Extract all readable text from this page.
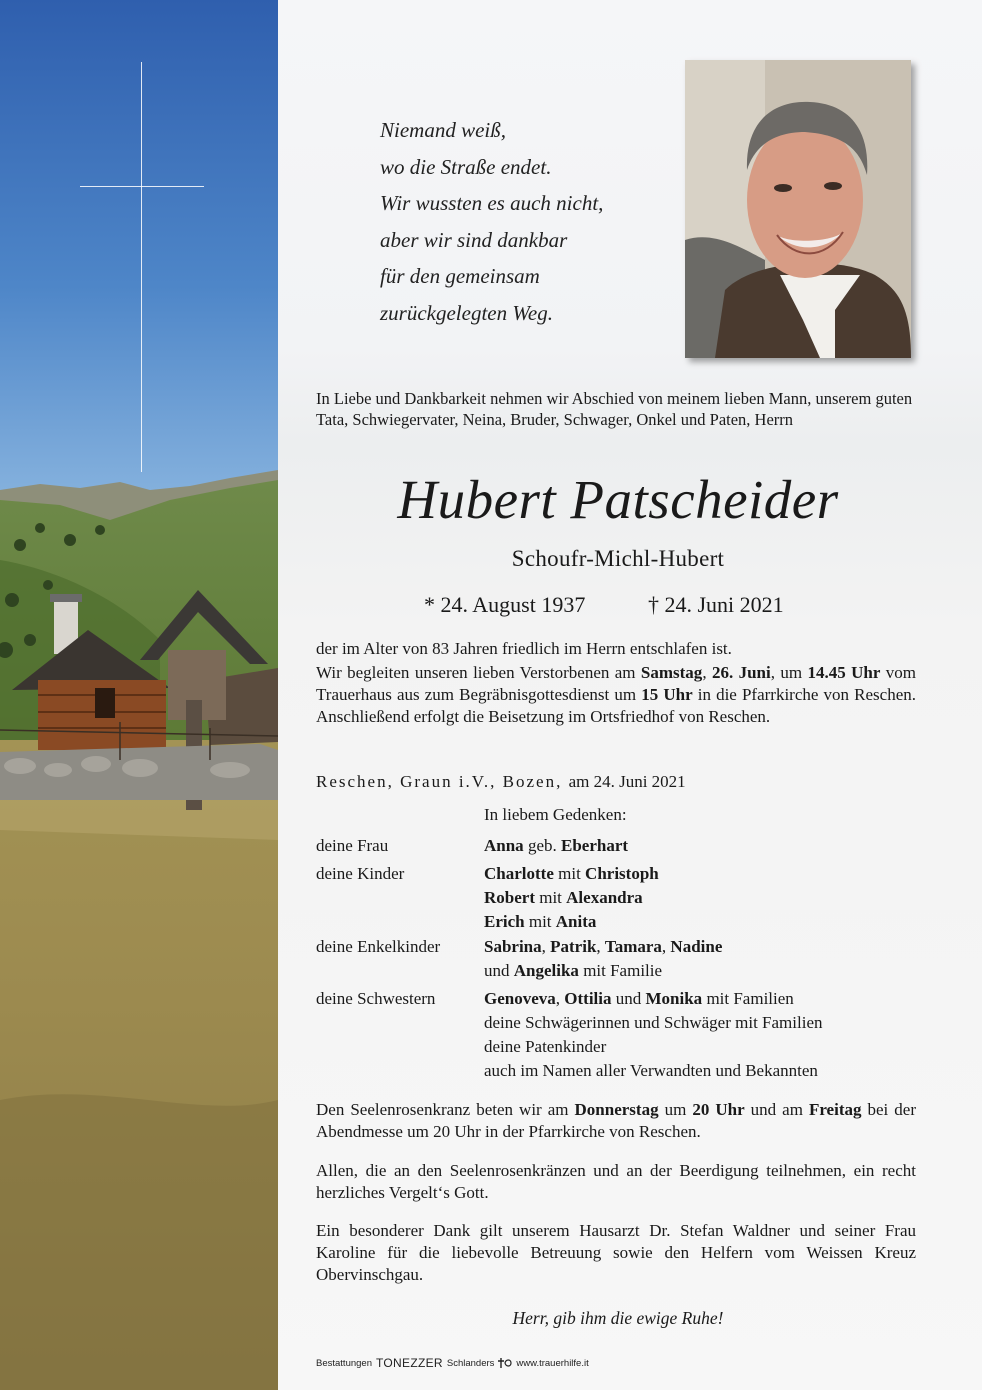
Niemand weiß,
wo die Straße endet.
Wir wussten es auch nicht,
aber wir sind dankbar
für den gemeinsam
zurückgelegten Weg.
In Liebe und Dankbarkeit nehmen wir Abschied von meinem lieben Mann, unserem guten Tata, Schwiegervater, Neina, Bruder, Schwager, Onkel und Paten, Herrn
Hubert Patscheider
Schoufr-Michl-Hubert
* 24. August 1937	† 24. Juni 2021
der im Alter von 83 Jahren friedlich im Herrn entschlafen ist.
Wir begleiten unseren lieben Verstorbenen am Samstag, 26. Juni, um 14.45 Uhr vom Trauerhaus aus zum Begräbnisgottesdienst um 15 Uhr in die Pfarrkirche von Reschen. Anschließend erfolgt die Beisetzung im Ortsfriedhof von Reschen.
Reschen, Graun i.V., Bozen, am 24. Juni 2021
In liebem Gedenken:
deine Frau	Anna geb. Eberhart
deine Kinder	Charlotte mit Christoph
Robert mit Alexandra
Erich mit Anita
deine Enkelkinder	Sabrina, Patrik, Tamara, Nadine
und Angelika mit Familie
deine Schwestern	Genoveva, Ottilia und Monika mit Familien
deine Schwägerinnen und Schwäger mit Familien
deine Patenkinder
auch im Namen aller Verwandten und Bekannten
Den Seelenrosenkranz beten wir am Donnerstag um 20 Uhr und am Freitag bei der Abendmesse um 20 Uhr in der Pfarrkirche von Reschen.
Allen, die an den Seelenrosenkränzen und an der Beerdigung teilnehmen, ein recht herzliches Vergelt‘s Gott.
Ein besonderer Dank gilt unserem Hausarzt Dr. Stefan Waldner und seiner Frau Karoline für die liebevolle Betreuung sowie den Helfern vom Weissen Kreuz Obervinschgau.
Herr, gib ihm die ewige Ruhe!
Bestattungen TONEZZER Schlanders www.trauerhilfe.it
